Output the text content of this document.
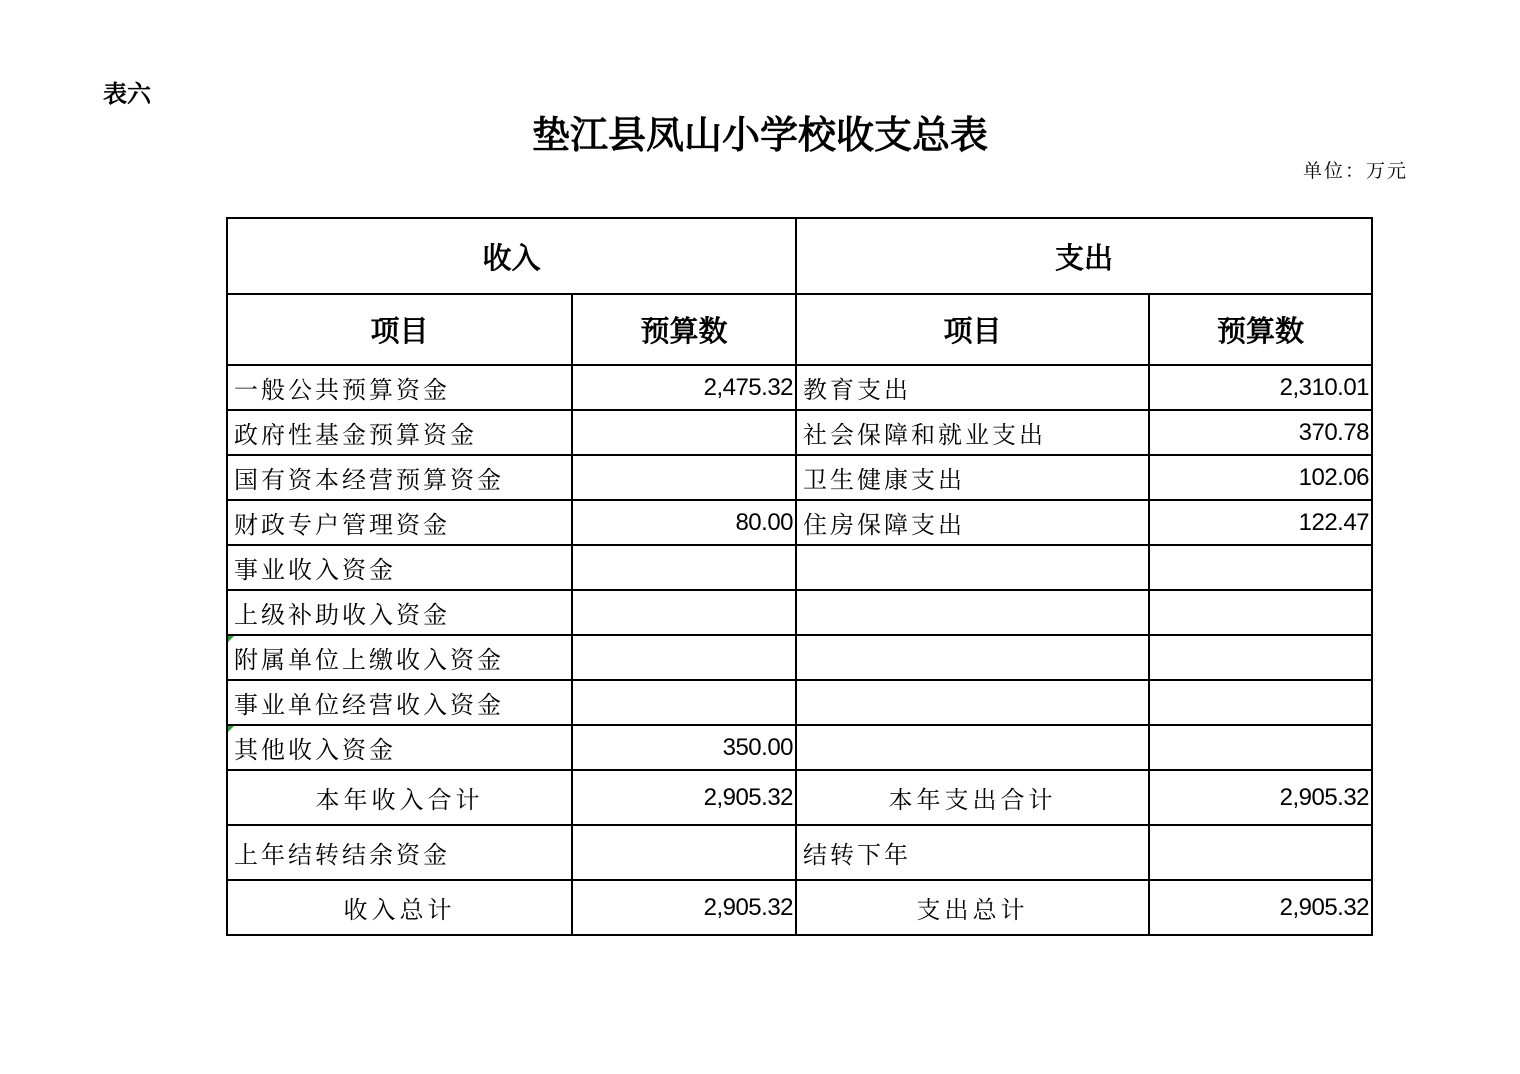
表六
垫江县凤山小学校收支总表
单位：万元
收入		支出	
项目	预算数	项目	预算数
一般公共预算资金	2,475.32	教育支出	2,310.01
政府性基金预算资金		社会保障和就业支出	370.78
国有资本经营预算资金		卫生健康支出	102.06
财政专户管理资金	80.00	住房保障支出	122.47
事业收入资金			
上级补助收入资金			
附属单位上缴收入资金			
事业单位经营收入资金			
其他收入资金	350.00		
本年收入合计	2,905.32	本年支出合计	2,905.32
上年结转结余资金		结转下年	
收入总计	2,905.32	支出总计	2,905.32
